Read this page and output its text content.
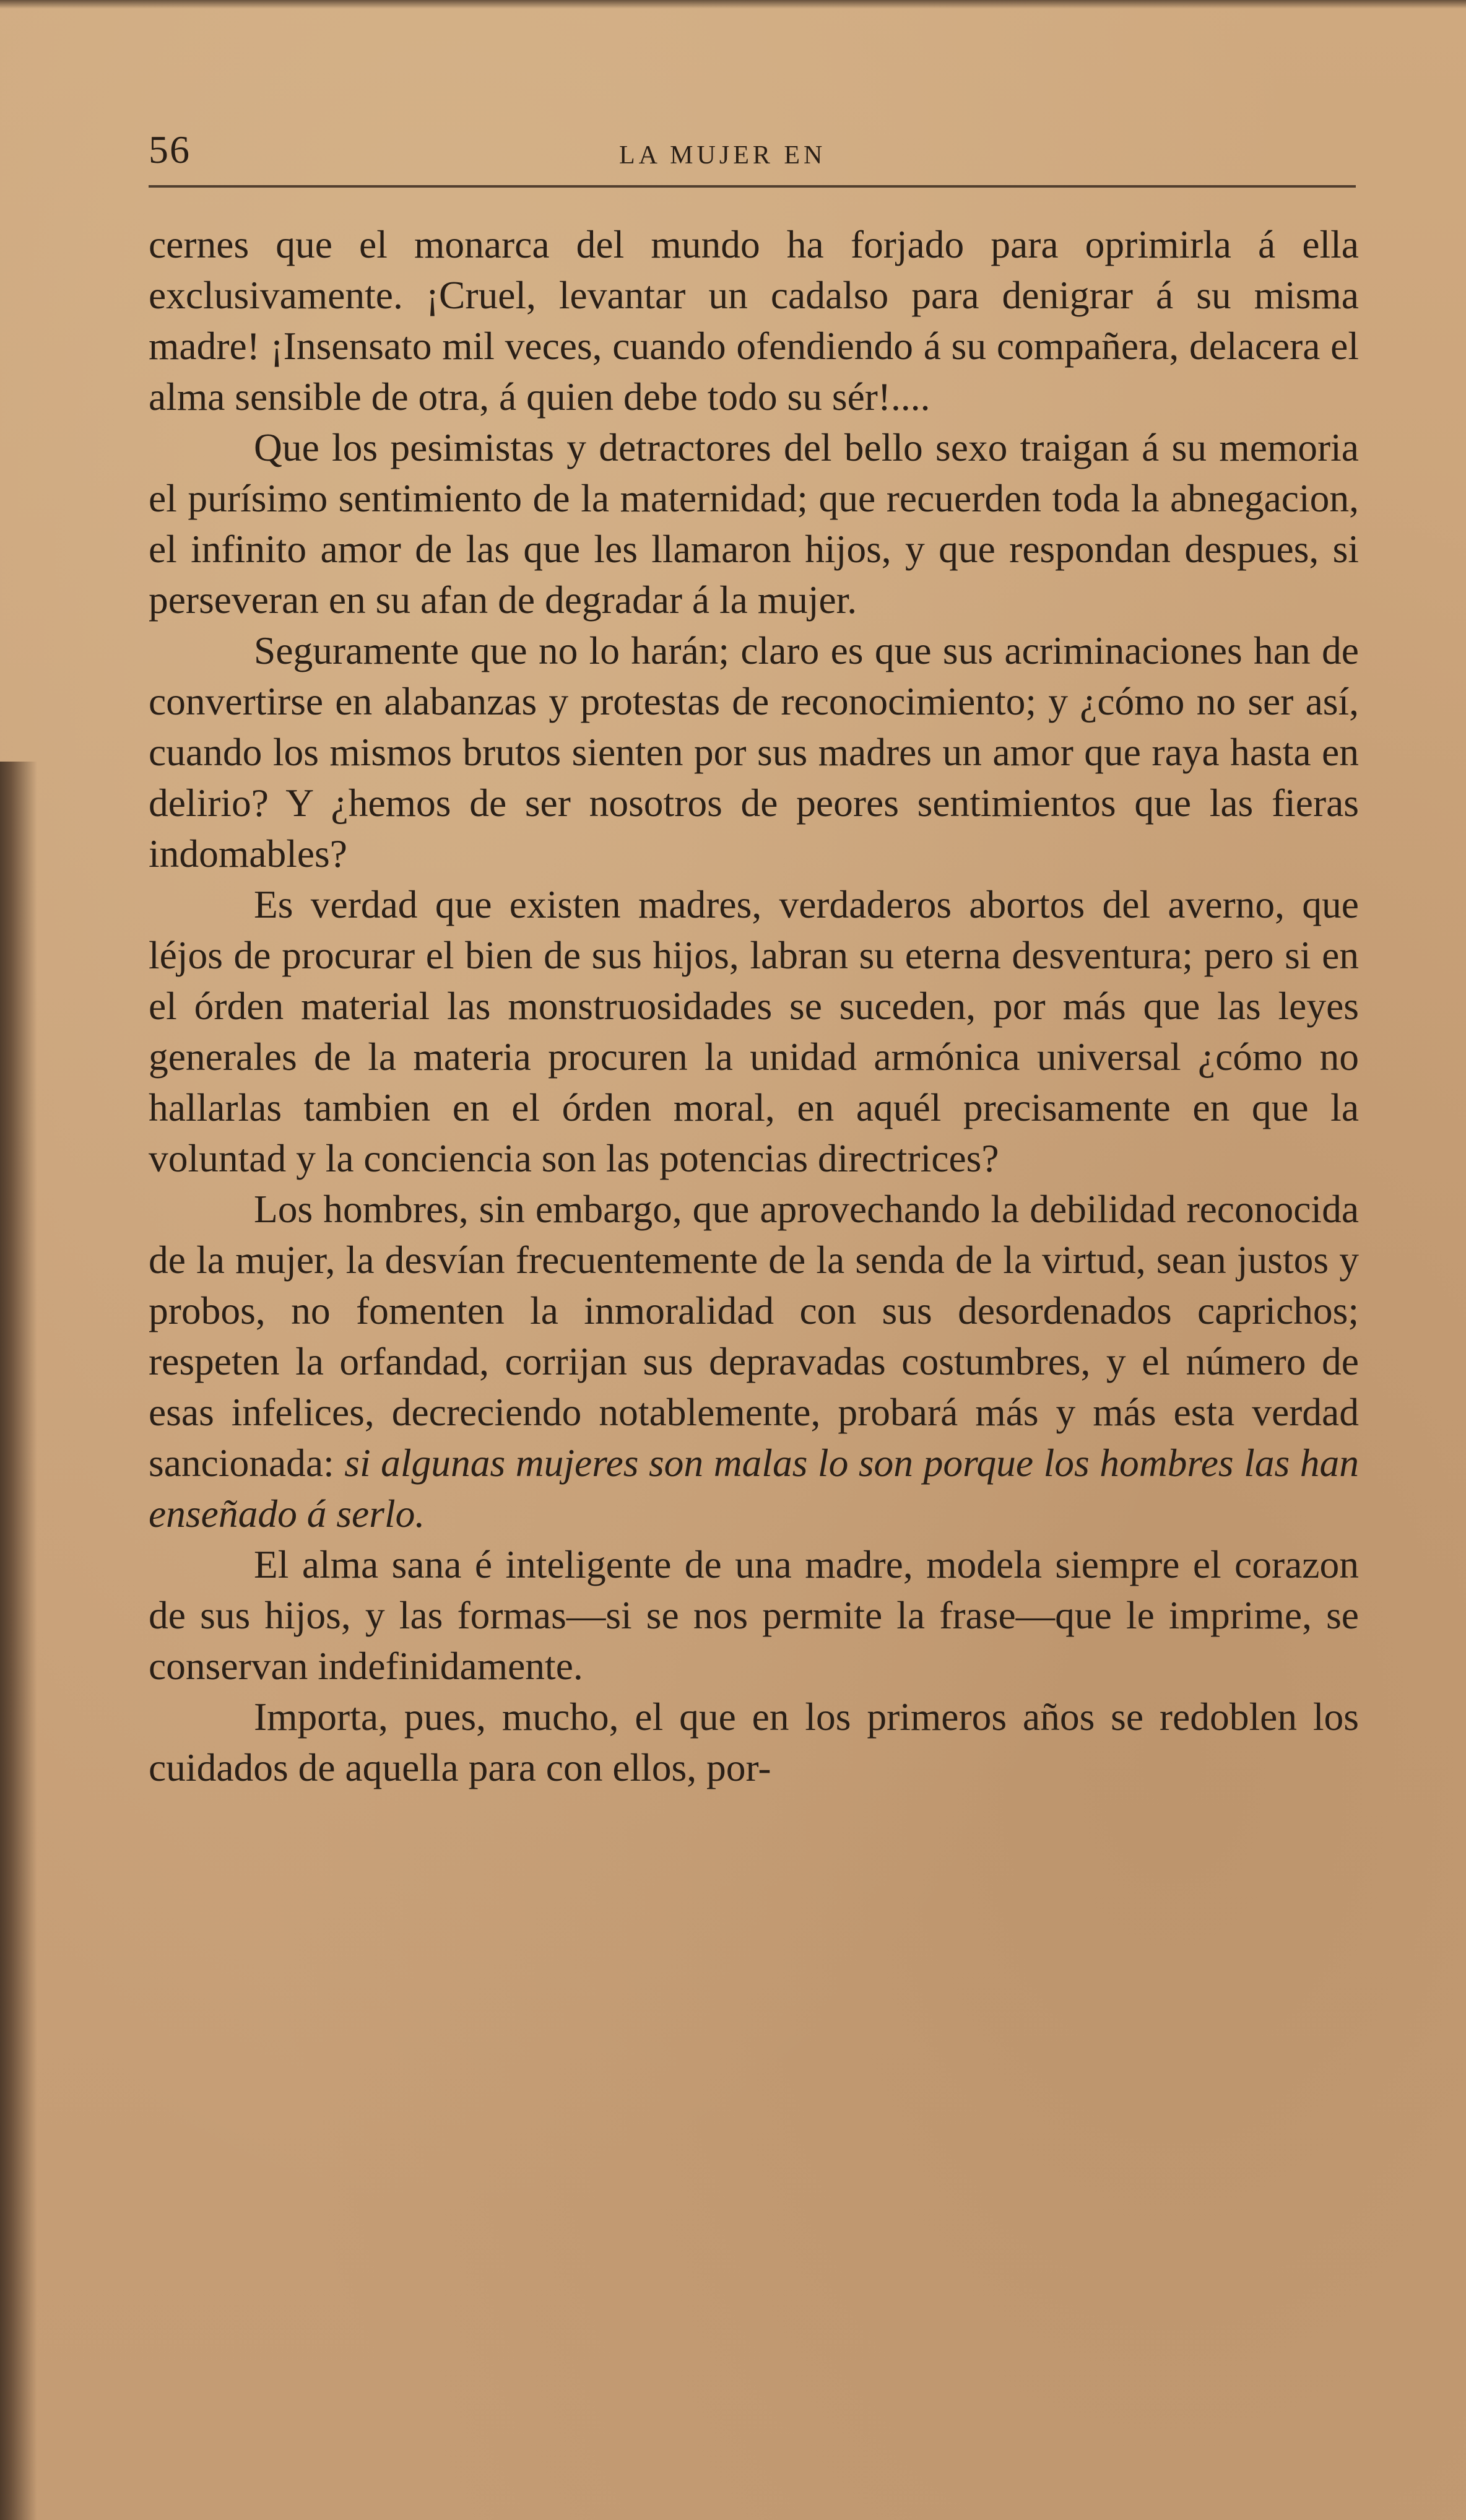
56	LA MUJER EN

cernes que el monarca del mundo ha forjado para oprimirla á ella exclusivamente. ¡Cruel, levantar un cadalso para denigrar á su misma madre! ¡Insensato mil veces, cuando ofendiendo á su compañera, delacera el alma sensible de otra, á quien debe todo su sér!....

Que los pesimistas y detractores del bello sexo traigan á su memoria el purísimo sentimiento de la maternidad; que recuerden toda la abnegacion, el infinito amor de las que les llamaron hijos, y que respondan despues, si perseveran en su afan de degradar á la mujer.

Seguramente que no lo harán; claro es que sus acriminaciones han de convertirse en alabanzas y protestas de reconocimiento; y ¿cómo no ser así, cuando los mismos brutos sienten por sus madres un amor que raya hasta en delirio? Y ¿hemos de ser nosotros de peores sentimientos que las fieras indomables?

Es verdad que existen madres, verdaderos abortos del averno, que léjos de procurar el bien de sus hijos, labran su eterna desventura; pero si en el órden material las monstruosidades se suceden, por más que las leyes generales de la materia procuren la unidad armónica universal ¿cómo no hallarlas tambien en el órden moral, en aquél precisamente en que la voluntad y la conciencia son las potencias directrices?

Los hombres, sin embargo, que aprovechando la debilidad reconocida de la mujer, la desvían frecuentemente de la senda de la virtud, sean justos y probos, no fomenten la inmoralidad con sus desordenados caprichos; respeten la orfandad, corrijan sus depravadas costumbres, y el número de esas infelices, decreciendo notablemente, probará más y más esta verdad sancionada: si algunas mujeres son malas lo son porque los hombres las han enseñado á serlo.

El alma sana é inteligente de una madre, modela siempre el corazon de sus hijos, y las formas—si se nos permite la frase—que le imprime, se conservan indefinidamente.

Importa, pues, mucho, el que en los primeros años se redoblen los cuidados de aquella para con ellos, por-
